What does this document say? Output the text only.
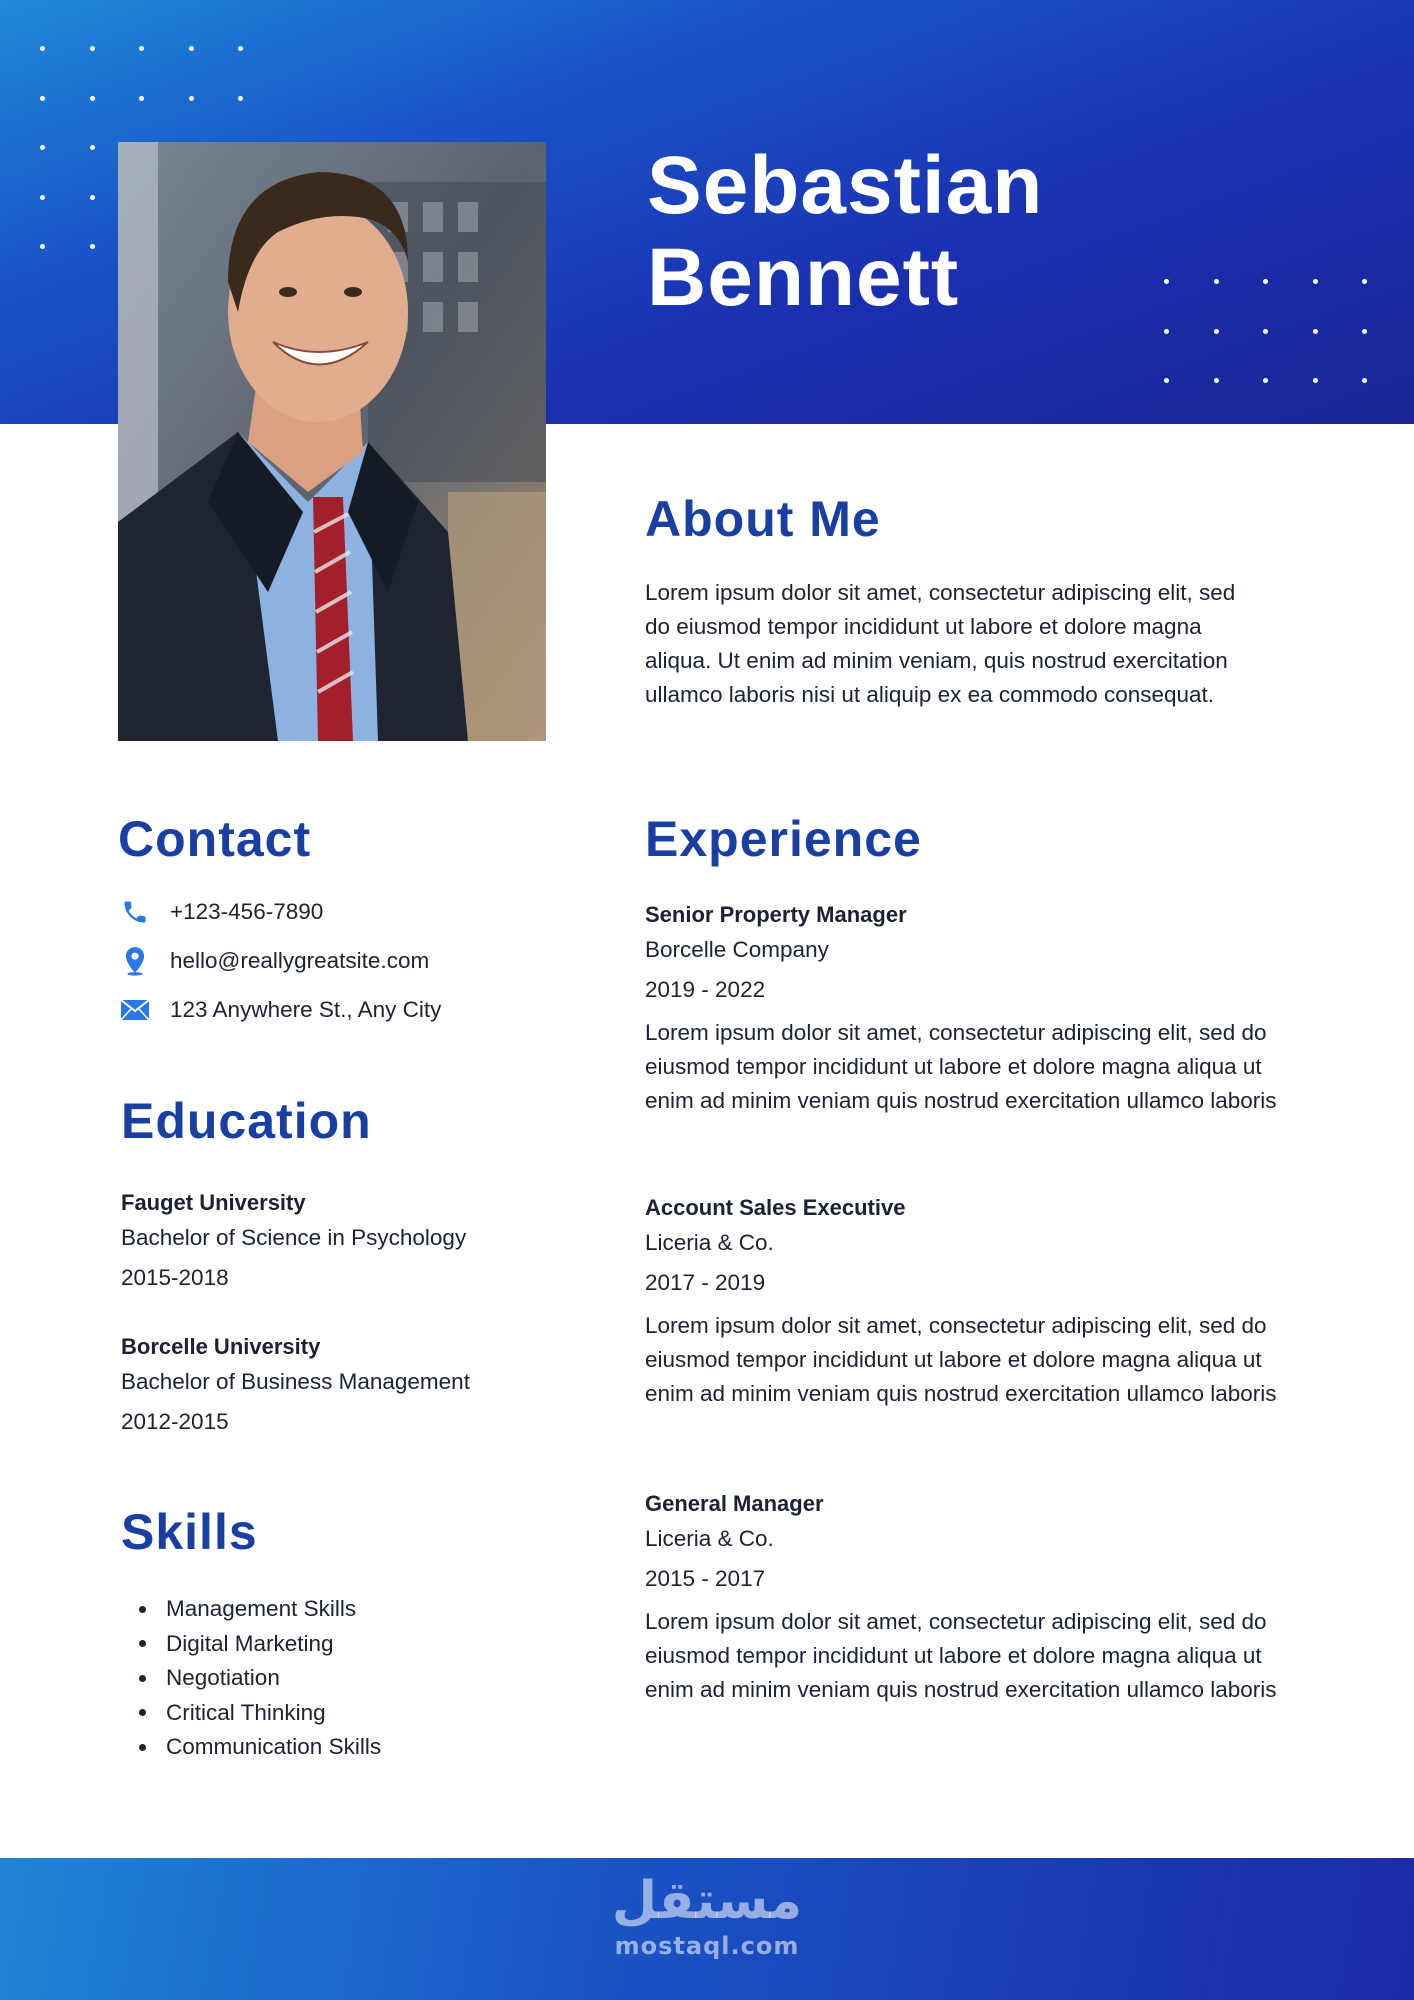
Sebastian
Bennett
About Me
Lorem ipsum dolor sit amet, consectetur adipiscing elit, sed do eiusmod tempor incididunt ut labore et dolore magna aliqua. Ut enim ad minim veniam, quis nostrud exercitation ullamco laboris nisi ut aliquip ex ea commodo consequat.
Contact
+123-456-7890
hello@reallygreatsite.com
123 Anywhere St., Any City
Education
Fauget University
Bachelor of Science in Psychology
2015-2018
Borcelle University
Bachelor of Business Management
2012-2015
Skills
Management Skills
Digital Marketing
Negotiation
Critical Thinking
Communication Skills
Experience
Senior Property Manager
Borcelle Company
2019 - 2022
Lorem ipsum dolor sit amet, consectetur adipiscing elit, sed do eiusmod tempor incididunt ut labore et dolore magna aliqua ut enim ad minim veniam quis nostrud exercitation ullamco laboris
Account Sales Executive
Liceria & Co.
2017 - 2019
Lorem ipsum dolor sit amet, consectetur adipiscing elit, sed do eiusmod tempor incididunt ut labore et dolore magna aliqua ut enim ad minim veniam quis nostrud exercitation ullamco laboris
General Manager
Liceria & Co.
2015 - 2017
Lorem ipsum dolor sit amet, consectetur adipiscing elit, sed do eiusmod tempor incididunt ut labore et dolore magna aliqua ut enim ad minim veniam quis nostrud exercitation ullamco laboris
مستقل
mostaql.com
